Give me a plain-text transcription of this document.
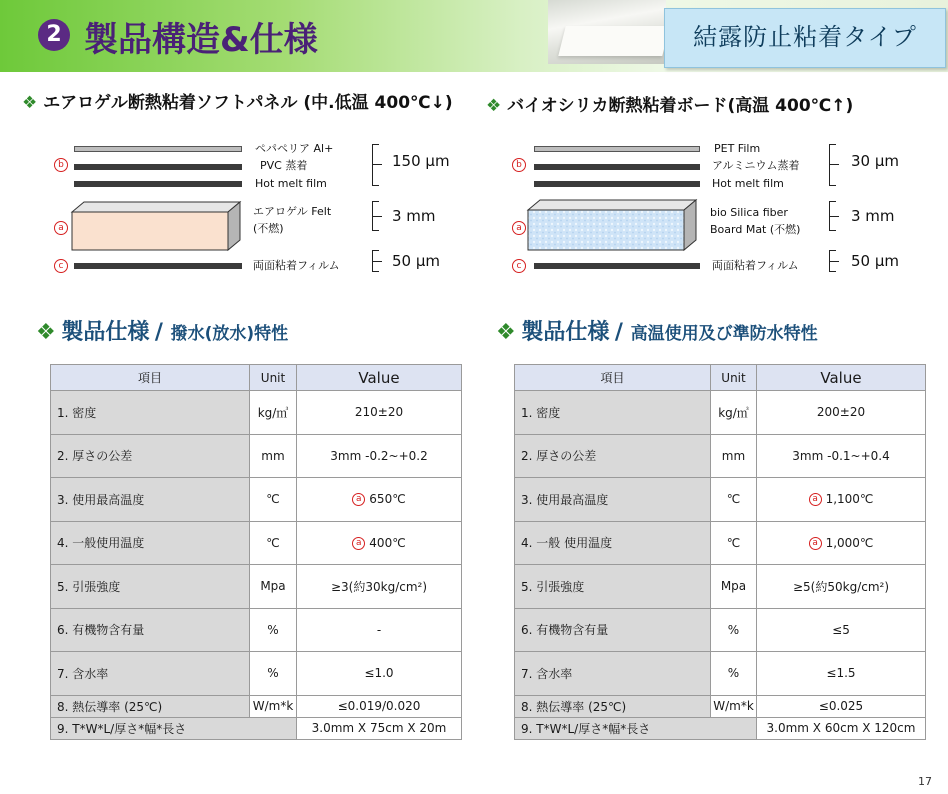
2 製品構造&仕様	結露防止粘着タイプ
❖ エアロゲル断熱粘着ソフトパネル (中.低温 400℃↓)
b
ペパペリア Al+
PVC 蒸着
Hot melt film
150 µm
a
エアロゲル Felt
(不燃)
3 mm
c	両面粘着フィルム	50 µm
❖ バイオシリカ断熱粘着ボード(高温 400℃↑)
b
PET Film
アルミニウム蒸着
Hot melt film
30 µm
a
bio Silica fiber
Board Mat (不燃)
3 mm
c	両面粘着フィルム	50 µm
❖ 製品仕様 / 撥水(放水)特性	❖ 製品仕様 / 高温使用及び準防水特性
項目	Unit	Value
1. 密度	kg/㎥	210±20
2. 厚さの公差	mm	3mm -0.2~+0.2
3. 使用最高温度	℃	a 650℃
4. 一般使用温度	℃	a 400℃
5. 引張強度	Mpa	≥3(約30kg/cm²)
6. 有機物含有量	%	-
7. 含水率	%	≤1.0
8. 熱伝導率 (25℃)	W/m*k	≤0.019/0.020
9. T*W*L/厚さ*幅*長さ		3.0mm X 75cm X 20m
項目	Unit	Value
1. 密度	kg/㎥	200±20
2. 厚さの公差	mm	3mm -0.1~+0.4
3. 使用最高温度	℃	a 1,100℃
4. 一般 使用温度	℃	a 1,000℃
5. 引張強度	Mpa	≥5(約50kg/cm²)
6. 有機物含有量	%	≤5
7. 含水率	%	≤1.5
8. 熱伝導率 (25℃)	W/m*k	≤0.025
9. T*W*L/厚さ*幅*長さ		3.0mm X 60cm X 120cm
17
